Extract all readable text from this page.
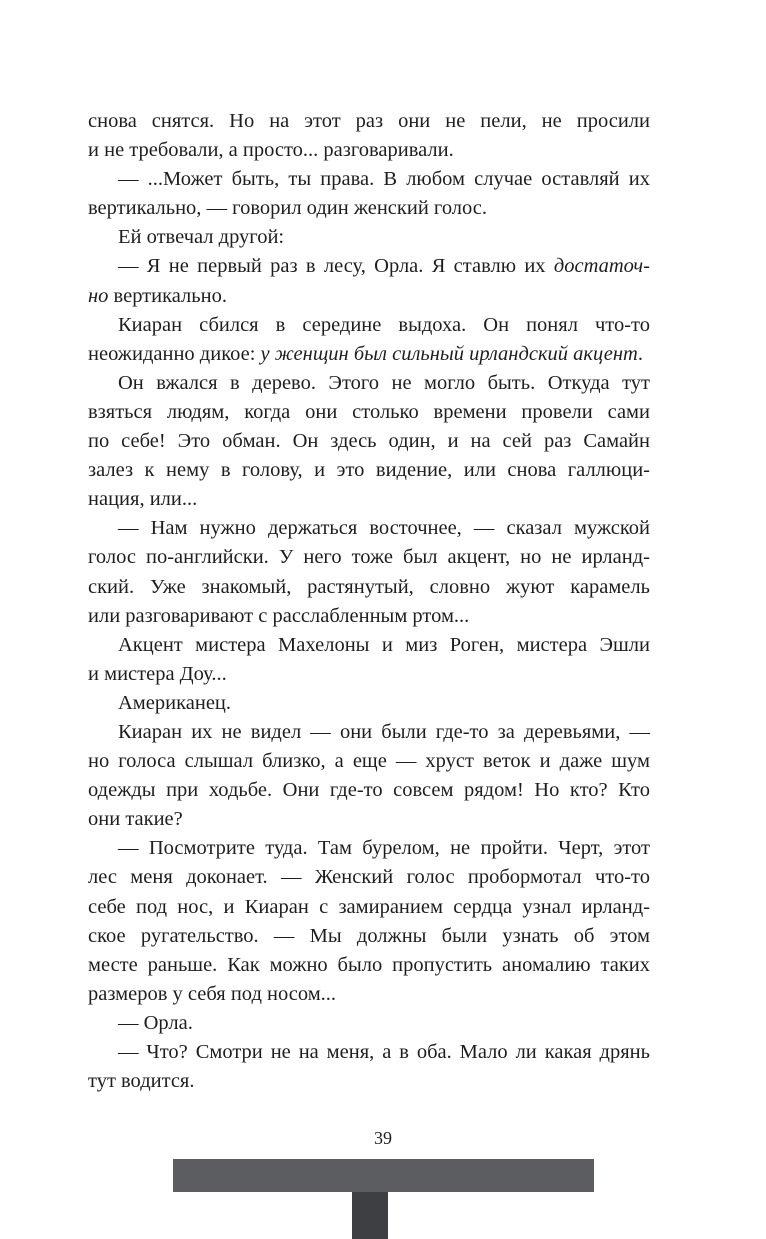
снова снятся. Но на этот раз они не пели, не просили
и не требовали, а просто... разговаривали.
— ...Может быть, ты права. В любом случае оставляй их
вертикально, — говорил один женский голос.
Ей отвечал другой:
— Я не первый раз в лесу, Орла. Я ставлю их достаточ-
но вертикально.
Киаран сбился в середине выдоха. Он понял что-то
неожиданно дикое: у женщин был сильный ирландский акцент.
Он вжался в дерево. Этого не могло быть. Откуда тут
взяться людям, когда они столько времени провели сами
по себе! Это обман. Он здесь один, и на сей раз Самайн
залез к нему в голову, и это видение, или снова галлюци-
нация, или...
— Нам нужно держаться восточнее, — сказал мужской
голос по-английски. У него тоже был акцент, но не ирланд-
ский. Уже знакомый, растянутый, словно жуют карамель
или разговаривают с расслабленным ртом...
Акцент мистера Махелоны и миз Роген, мистера Эшли
и мистера Доу...
Американец.
Киаран их не видел — они были где-то за деревьями, —
но голоса слышал близко, а еще — хруст веток и даже шум
одежды при ходьбе. Они где-то совсем рядом! Но кто? Кто
они такие?
— Посмотрите туда. Там бурелом, не пройти. Черт, этот
лес меня доконает. — Женский голос пробормотал что-то
себе под нос, и Киаран с замиранием сердца узнал ирланд-
ское ругательство. — Мы должны были узнать об этом
месте раньше. Как можно было пропустить аномалию таких
размеров у себя под носом...
— Орла.
— Что? Смотри не на меня, а в оба. Мало ли какая дрянь
тут водится.
39
